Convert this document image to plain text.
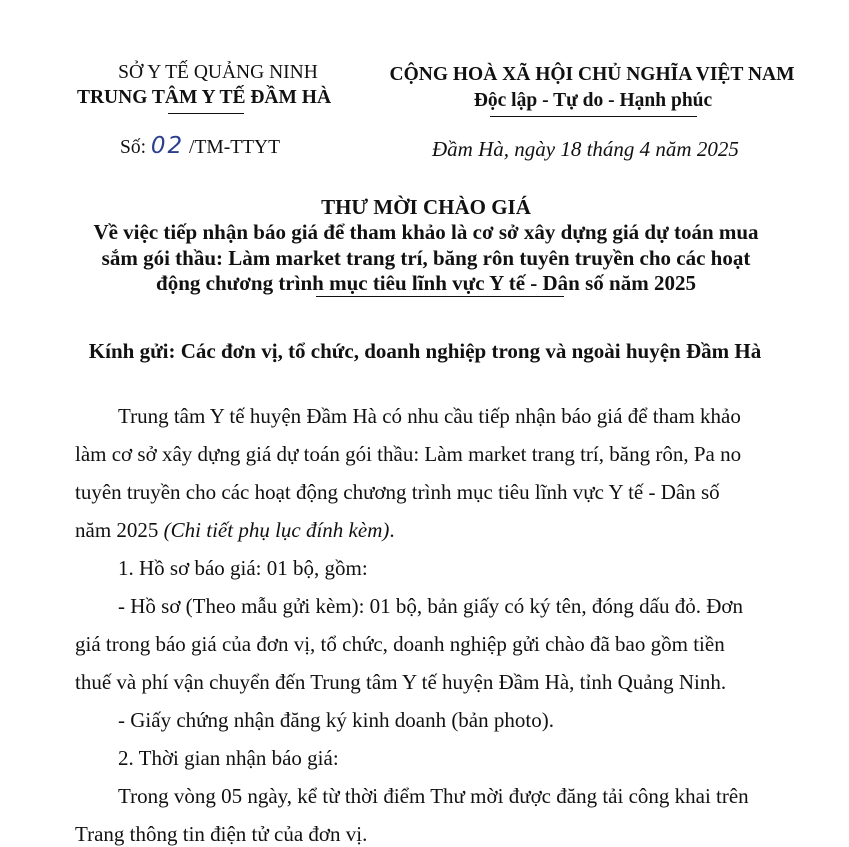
SỞ Y TẾ QUẢNG NINH
TRUNG TÂM Y TẾ ĐẦM HÀ
CỘNG HOÀ XÃ HỘI CHỦ NGHĨA VIỆT NAM
Độc lập - Tự do - Hạnh phúc
Số: 02 /TM-TTYT	Đầm Hà, ngày 18 tháng 4 năm 2025
THƯ MỜI CHÀO GIÁ
Về việc tiếp nhận báo giá để tham khảo là cơ sở xây dựng giá dự toán mua
sắm gói thầu: Làm market trang trí, băng rôn tuyên truyền cho các hoạt
động chương trình mục tiêu lĩnh vực Y tế - Dân số năm 2025
Kính gửi: Các đơn vị, tổ chức, doanh nghiệp trong và ngoài huyện Đầm Hà
Trung tâm Y tế huyện Đầm Hà có nhu cầu tiếp nhận báo giá để tham khảo
làm cơ sở xây dựng giá dự toán gói thầu: Làm market trang trí, băng rôn, Pa no
tuyên truyền cho các hoạt động chương trình mục tiêu lĩnh vực Y tế - Dân số
năm 2025 (Chi tiết phụ lục đính kèm).
1. Hồ sơ báo giá: 01 bộ, gồm:
- Hồ sơ (Theo mẫu gửi kèm): 01 bộ, bản giấy có ký tên, đóng dấu đỏ. Đơn
giá trong báo giá của đơn vị, tổ chức, doanh nghiệp gửi chào đã bao gồm tiền
thuế và phí vận chuyển đến Trung tâm Y tế huyện Đầm Hà, tỉnh Quảng Ninh.
- Giấy chứng nhận đăng ký kinh doanh (bản photo).
2. Thời gian nhận báo giá:
Trong vòng 05 ngày, kể từ thời điểm Thư mời được đăng tải công khai trên
Trang thông tin điện tử của đơn vị.
